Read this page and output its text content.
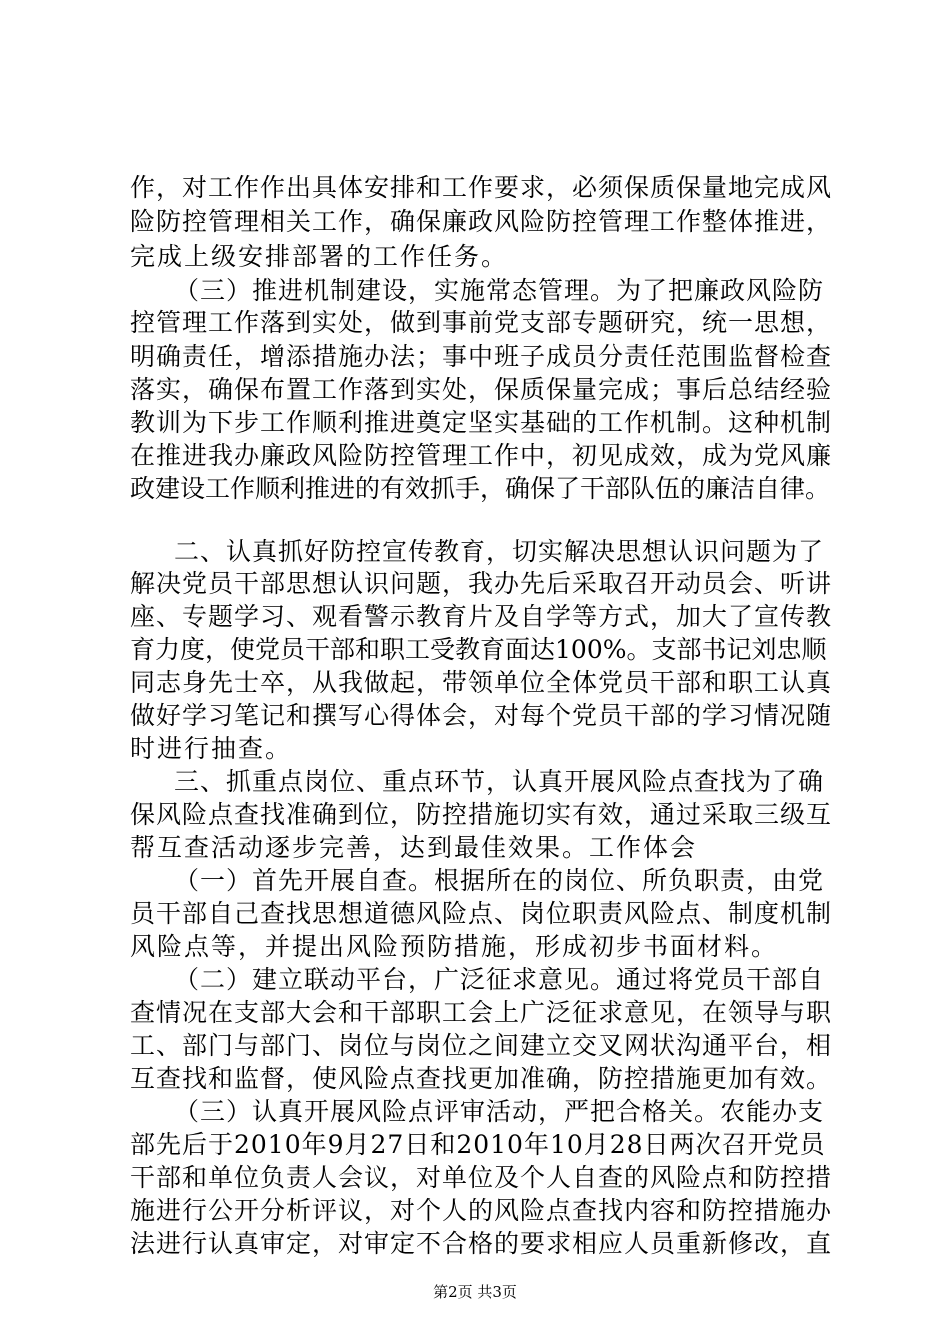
作，对工作作出具体安排和工作要求，必须保质保量地完成风
险防控管理相关工作，确保廉政风险防控管理工作整体推进，
完成上级安排部署的工作任务。
（三）推进机制建设，实施常态管理。为了把廉政风险防
控管理工作落到实处，做到事前党支部专题研究，统一思想，
明确责任，增添措施办法；事中班子成员分责任范围监督检查
落实，确保布置工作落到实处，保质保量完成；事后总结经验
教训为下步工作顺利推进奠定坚实基础的工作机制。这种机制
在推进我办廉政风险防控管理工作中，初见成效，成为党风廉
政建设工作顺利推进的有效抓手，确保了干部队伍的廉洁自律。
二、认真抓好防控宣传教育，切实解决思想认识问题为了
解决党员干部思想认识问题，我办先后采取召开动员会、听讲
座、专题学习、观看警示教育片及自学等方式，加大了宣传教
育力度，使党员干部和职工受教育面达100%。支部书记刘忠顺
同志身先士卒，从我做起，带领单位全体党员干部和职工认真
做好学习笔记和撰写心得体会，对每个党员干部的学习情况随
时进行抽查。
三、抓重点岗位、重点环节，认真开展风险点查找为了确
保风险点查找准确到位，防控措施切实有效，通过采取三级互
帮互查活动逐步完善，达到最佳效果。工作体会
（一）首先开展自查。根据所在的岗位、所负职责，由党
员干部自己查找思想道德风险点、岗位职责风险点、制度机制
风险点等，并提出风险预防措施，形成初步书面材料。
（二）建立联动平台，广泛征求意见。通过将党员干部自
查情况在支部大会和干部职工会上广泛征求意见，在领导与职
工、部门与部门、岗位与岗位之间建立交叉网状沟通平台，相
互查找和监督，使风险点查找更加准确，防控措施更加有效。
（三）认真开展风险点评审活动，严把合格关。农能办支
部先后于2010年9月27日和2010年10月28日两次召开党员
干部和单位负责人会议，对单位及个人自查的风险点和防控措
施进行公开分析评议，对个人的风险点查找内容和防控措施办
法进行认真审定，对审定不合格的要求相应人员重新修改，直
第2页 共3页
